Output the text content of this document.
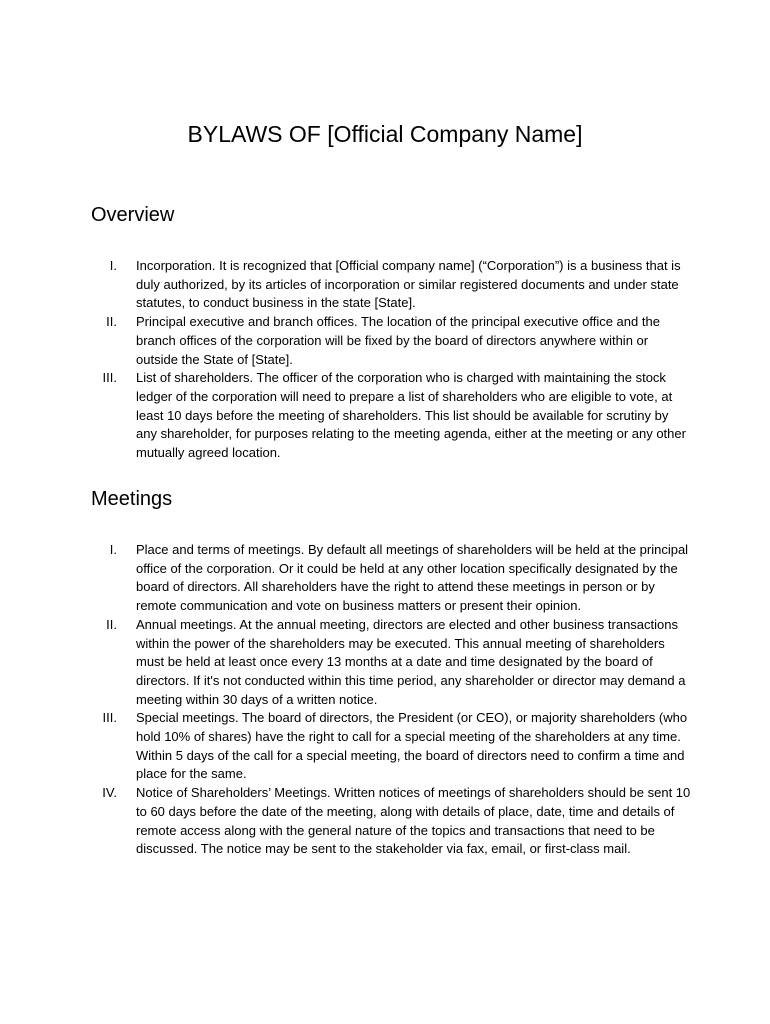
BYLAWS OF [Official Company Name]
Overview
I. Incorporation. It is recognized that [Official company name] (“Corporation”) is a business that is duly authorized, by its articles of incorporation or similar registered documents and under state statutes, to conduct business in the state [State].
II. Principal executive and branch offices. The location of the principal executive office and the branch offices of the corporation will be fixed by the board of directors anywhere within or outside the State of [State].
III. List of shareholders. The officer of the corporation who is charged with maintaining the stock ledger of the corporation will need to prepare a list of shareholders who are eligible to vote, at least 10 days before the meeting of shareholders. This list should be available for scrutiny by any shareholder, for purposes relating to the meeting agenda, either at the meeting or any other mutually agreed location.
Meetings
I. Place and terms of meetings. By default all meetings of shareholders will be held at the principal office of the corporation. Or it could be held at any other location specifically designated by the board of directors. All shareholders have the right to attend these meetings in person or by remote communication and vote on business matters or present their opinion.
II. Annual meetings. At the annual meeting, directors are elected and other business transactions within the power of the shareholders may be executed. This annual meeting of shareholders must be held at least once every 13 months at a date and time designated by the board of directors. If it's not conducted within this time period, any shareholder or director may demand a meeting within 30 days of a written notice.
III. Special meetings. The board of directors, the President (or CEO), or majority shareholders (who hold 10% of shares) have the right to call for a special meeting of the shareholders at any time. Within 5 days of the call for a special meeting, the board of directors need to confirm a time and place for the same.
IV. Notice of Shareholders’ Meetings. Written notices of meetings of shareholders should be sent 10 to 60 days before the date of the meeting, along with details of place, date, time and details of remote access along with the general nature of the topics and transactions that need to be discussed. The notice may be sent to the stakeholder via fax, email, or first-class mail.
